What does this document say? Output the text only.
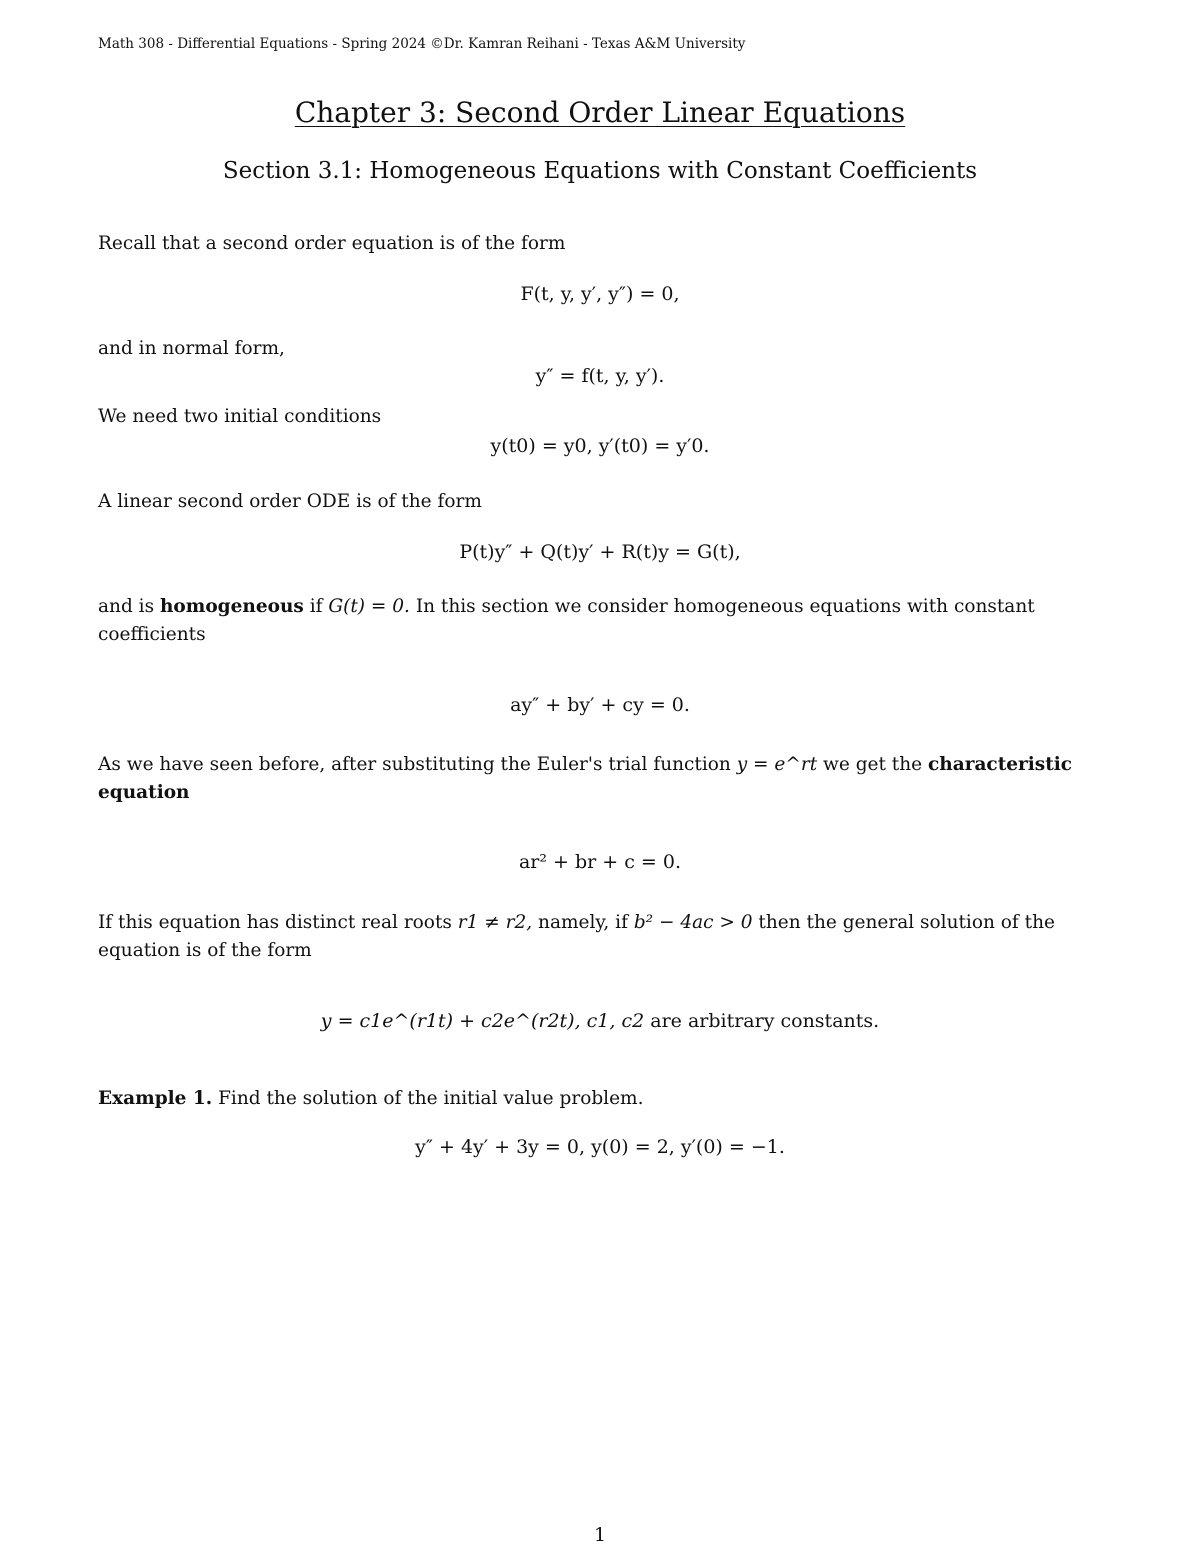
Math 308 - Differential Equations - Spring 2024 ©Dr. Kamran Reihani - Texas A&M University
Chapter 3: Second Order Linear Equations
Section 3.1: Homogeneous Equations with Constant Coefficients
Recall that a second order equation is of the form
F(t, y, y′, y″) = 0,
and in normal form,
y″ = f(t, y, y′).
We need two initial conditions
y(t0) = y0, y′(t0) = y′0.
A linear second order ODE is of the form
P(t)y″ + Q(t)y′ + R(t)y = G(t),
and is homogeneous if G(t) = 0. In this section we consider homogeneous equations with constant coefficients
ay″ + by′ + cy = 0.
As we have seen before, after substituting the Euler's trial function y = e^rt we get the characteristic equation
ar² + br + c = 0.
If this equation has distinct real roots r1 ≠ r2, namely, if b² − 4ac > 0 then the general solution of the equation is of the form
y = c1e^(r1t) + c2e^(r2t), c1, c2 are arbitrary constants.
Example 1. Find the solution of the initial value problem.
y″ + 4y′ + 3y = 0, y(0) = 2, y′(0) = −1.
1
